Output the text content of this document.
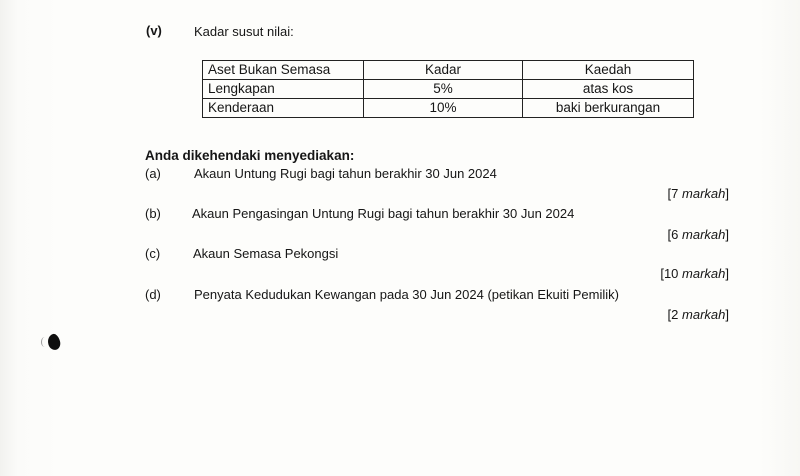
(v) Kadar susut nilai:
Aset Bukan Semasa	Kadar	Kaedah
Lengkapan	5%	atas kos
Kenderaan	10%	baki berkurangan
Anda dikehendaki menyediakan:
(a)	Akaun Untung Rugi bagi tahun berakhir 30 Jun 2024
[7 markah]
(b) Akaun Pengasingan Untung Rugi bagi tahun berakhir 30 Jun 2024
[6 markah]
(c)	Akaun Semasa Pekongsi
[10 markah]
(d)	Penyata Kedudukan Kewangan pada 30 Jun 2024 (petikan Ekuiti Pemilik)
[2 markah]
